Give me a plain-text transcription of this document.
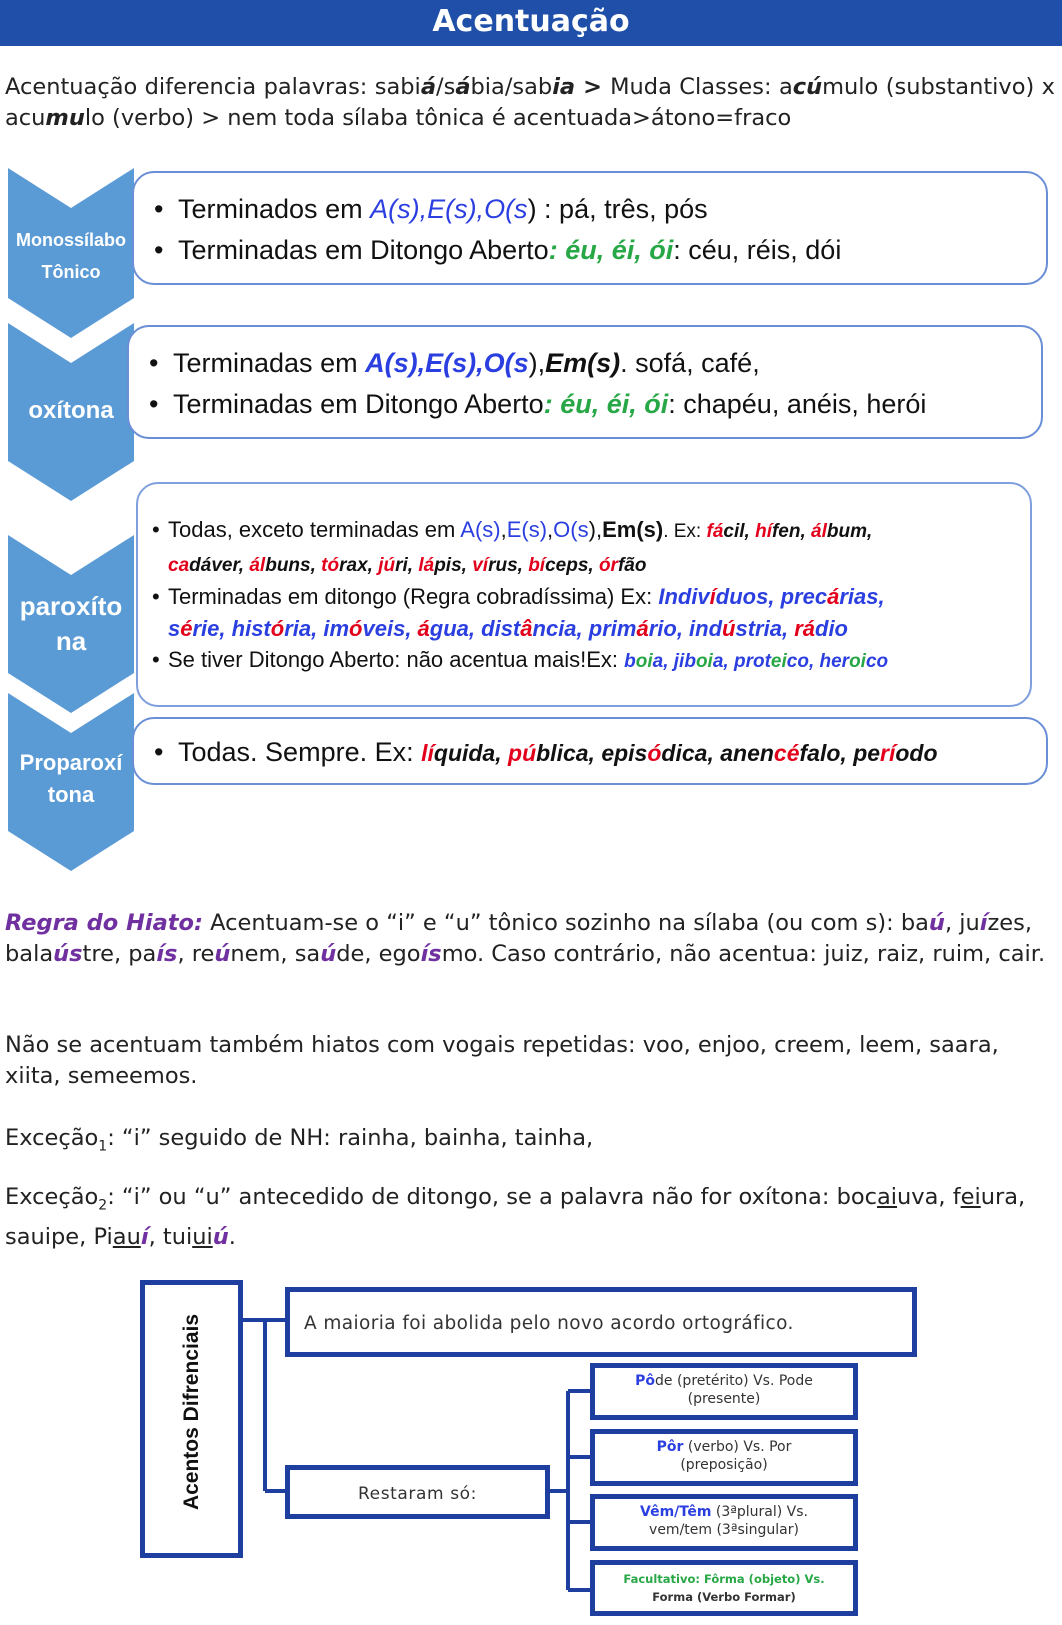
Acentuação
Acentuação diferencia palavras: sabiá/sábia/sabia > Muda Classes: acúmulo (substantivo) x acumulo (verbo) > nem toda sílaba tônica é acentuada>átono=fraco
Monossílabo
Tônico
oxítona
paroxíto
na
Proparoxí
tona
• Terminados em A(s),E(s),O(s) : pá, três, pós
• Terminadas em Ditongo Aberto: éu, éi, ói: céu, réis, dói
• Terminadas em A(s),E(s),O(s),Em(s). sofá, café,
• Terminadas em Ditongo Aberto: éu, éi, ói: chapéu, anéis, herói
• Todas, exceto terminadas em A(s),E(s),O(s),Em(s). Ex: fácil, hífen, álbum,
cadáver, álbuns, tórax, júri, lápis, vírus, bíceps, órfão
• Terminadas em ditongo (Regra cobradíssima) Ex: Indivíduos, precárias,
série, história, imóveis, água, distância, primário, indústria, rádio
• Se tiver Ditongo Aberto: não acentua mais!Ex: boia, jiboia, proteico, heroico
• Todas. Sempre. Ex: líquida, pública, episódica, anencéfalo, período
Regra do Hiato: Acentuam-se o “i” e “u” tônico sozinho na sílaba (ou com s): baú, juízes, balaústre, país, reúnem, saúde, egoísmo. Caso contrário, não acentua: juiz, raiz, ruim, cair.
Não se acentuam também hiatos com vogais repetidas: voo, enjoo, creem, leem, saara, xiita, semeemos.
Exceção$_1$: “i” seguido de NH: rainha, bainha, tainha,
Exceção$_2$: “i” ou “u” antecedido de ditongo, se a palavra não for oxítona: bocaiuva, feiura, sauipe, Piauí, tuiuiú.
Acentos Difrenciais	A maioria foi abolida pelo novo acordo ortográfico.
Restaram só:
Pôde (pretérito) Vs. Pode
(presente)
Pôr (verbo) Vs. Por
(preposição)
Vêm/Têm (3ªplural) Vs.
vem/tem (3ªsingular)
Facultativo: Fôrma (objeto) Vs.
Forma (Verbo Formar)
